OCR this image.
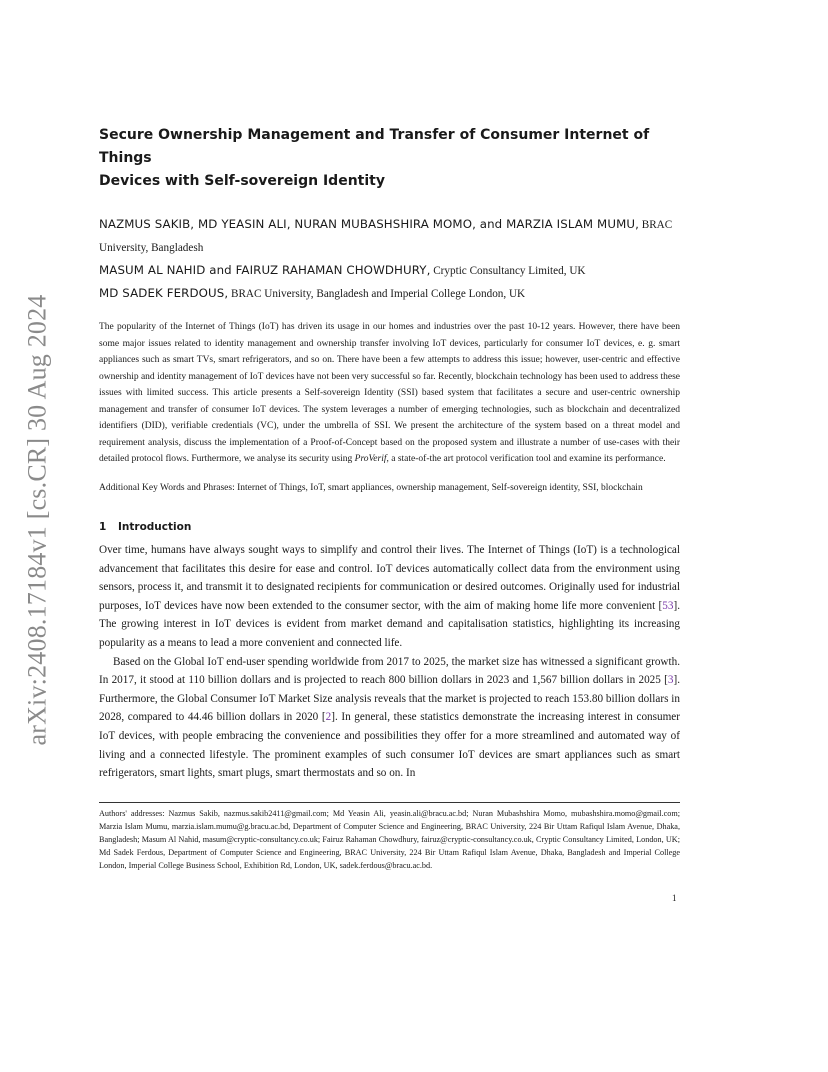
arXiv:2408.17184v1 [cs.CR] 30 Aug 2024
Secure Ownership Management and Transfer of Consumer Internet of Things
Devices with Self-sovereign Identity
NAZMUS SAKIB, MD YEASIN ALI, NURAN MUBASHSHIRA MOMO, and MARZIA ISLAM MUMU, BRAC University, Bangladesh
MASUM AL NAHID and FAIRUZ RAHAMAN CHOWDHURY, Cryptic Consultancy Limited, UK
MD SADEK FERDOUS, BRAC University, Bangladesh and Imperial College London, UK
The popularity of the Internet of Things (IoT) has driven its usage in our homes and industries over the past 10-12 years. However, there have been some major issues related to identity management and ownership transfer involving IoT devices, particularly for consumer IoT devices, e. g. smart appliances such as smart TVs, smart refrigerators, and so on. There have been a few attempts to address this issue; however, user-centric and effective ownership and identity management of IoT devices have not been very successful so far. Recently, blockchain technology has been used to address these issues with limited success. This article presents a Self-sovereign Identity (SSI) based system that facilitates a secure and user-centric ownership management and transfer of consumer IoT devices. The system leverages a number of emerging technologies, such as blockchain and decentralized identifiers (DID), verifiable credentials (VC), under the umbrella of SSI. We present the architecture of the system based on a threat model and requirement analysis, discuss the implementation of a Proof-of-Concept based on the proposed system and illustrate a number of use-cases with their detailed protocol flows. Furthermore, we analyse its security using ProVerif, a state-of-the art protocol verification tool and examine its performance.
Additional Key Words and Phrases: Internet of Things, IoT, smart appliances, ownership management, Self-sovereign identity, SSI, blockchain
1 Introduction

Over time, humans have always sought ways to simplify and control their lives. The Internet of Things (IoT) is a technological advancement that facilitates this desire for ease and control. IoT devices automatically collect data from the environment using sensors, process it, and transmit it to designated recipients for communication or desired outcomes. Originally used for industrial purposes, IoT devices have now been extended to the consumer sector, with the aim of making home life more convenient [53]. The growing interest in IoT devices is evident from market demand and capitalisation statistics, highlighting its increasing popularity as a means to lead a more convenient and connected life.

Based on the Global IoT end-user spending worldwide from 2017 to 2025, the market size has witnessed a significant growth. In 2017, it stood at 110 billion dollars and is projected to reach 800 billion dollars in 2023 and 1,567 billion dollars in 2025 [3]. Furthermore, the Global Consumer IoT Market Size analysis reveals that the market is projected to reach 153.80 billion dollars in 2028, compared to 44.46 billion dollars in 2020 [2]. In general, these statistics demonstrate the increasing interest in consumer IoT devices, with people embracing the convenience and possibilities they offer for a more streamlined and automated way of living and a connected lifestyle. The prominent examples of such consumer IoT devices are smart appliances such as smart refrigerators, smart lights, smart plugs, smart thermostats and so on. In

Authors' addresses: Nazmus Sakib, nazmus.sakib2411@gmail.com; Md Yeasin Ali, yeasin.ali@bracu.ac.bd; Nuran Mubashshira Momo, mubashshira.momo@gmail.com; Marzia Islam Mumu, marzia.islam.mumu@g.bracu.ac.bd, Department of Computer Science and Engineering, BRAC University, 224 Bir Uttam Rafiqul Islam Avenue, Dhaka, Bangladesh; Masum Al Nahid, masum@cryptic-consultancy.co.uk; Fairuz Rahaman Chowdhury, fairuz@cryptic-consultancy.co.uk, Cryptic Consultancy Limited, London, UK; Md Sadek Ferdous, Department of Computer Science and Engineering, BRAC University, 224 Bir Uttam Rafiqul Islam Avenue, Dhaka, Bangladesh and Imperial College London, Imperial College Business School, Exhibition Rd, London, UK, sadek.ferdous@bracu.ac.bd.
1
